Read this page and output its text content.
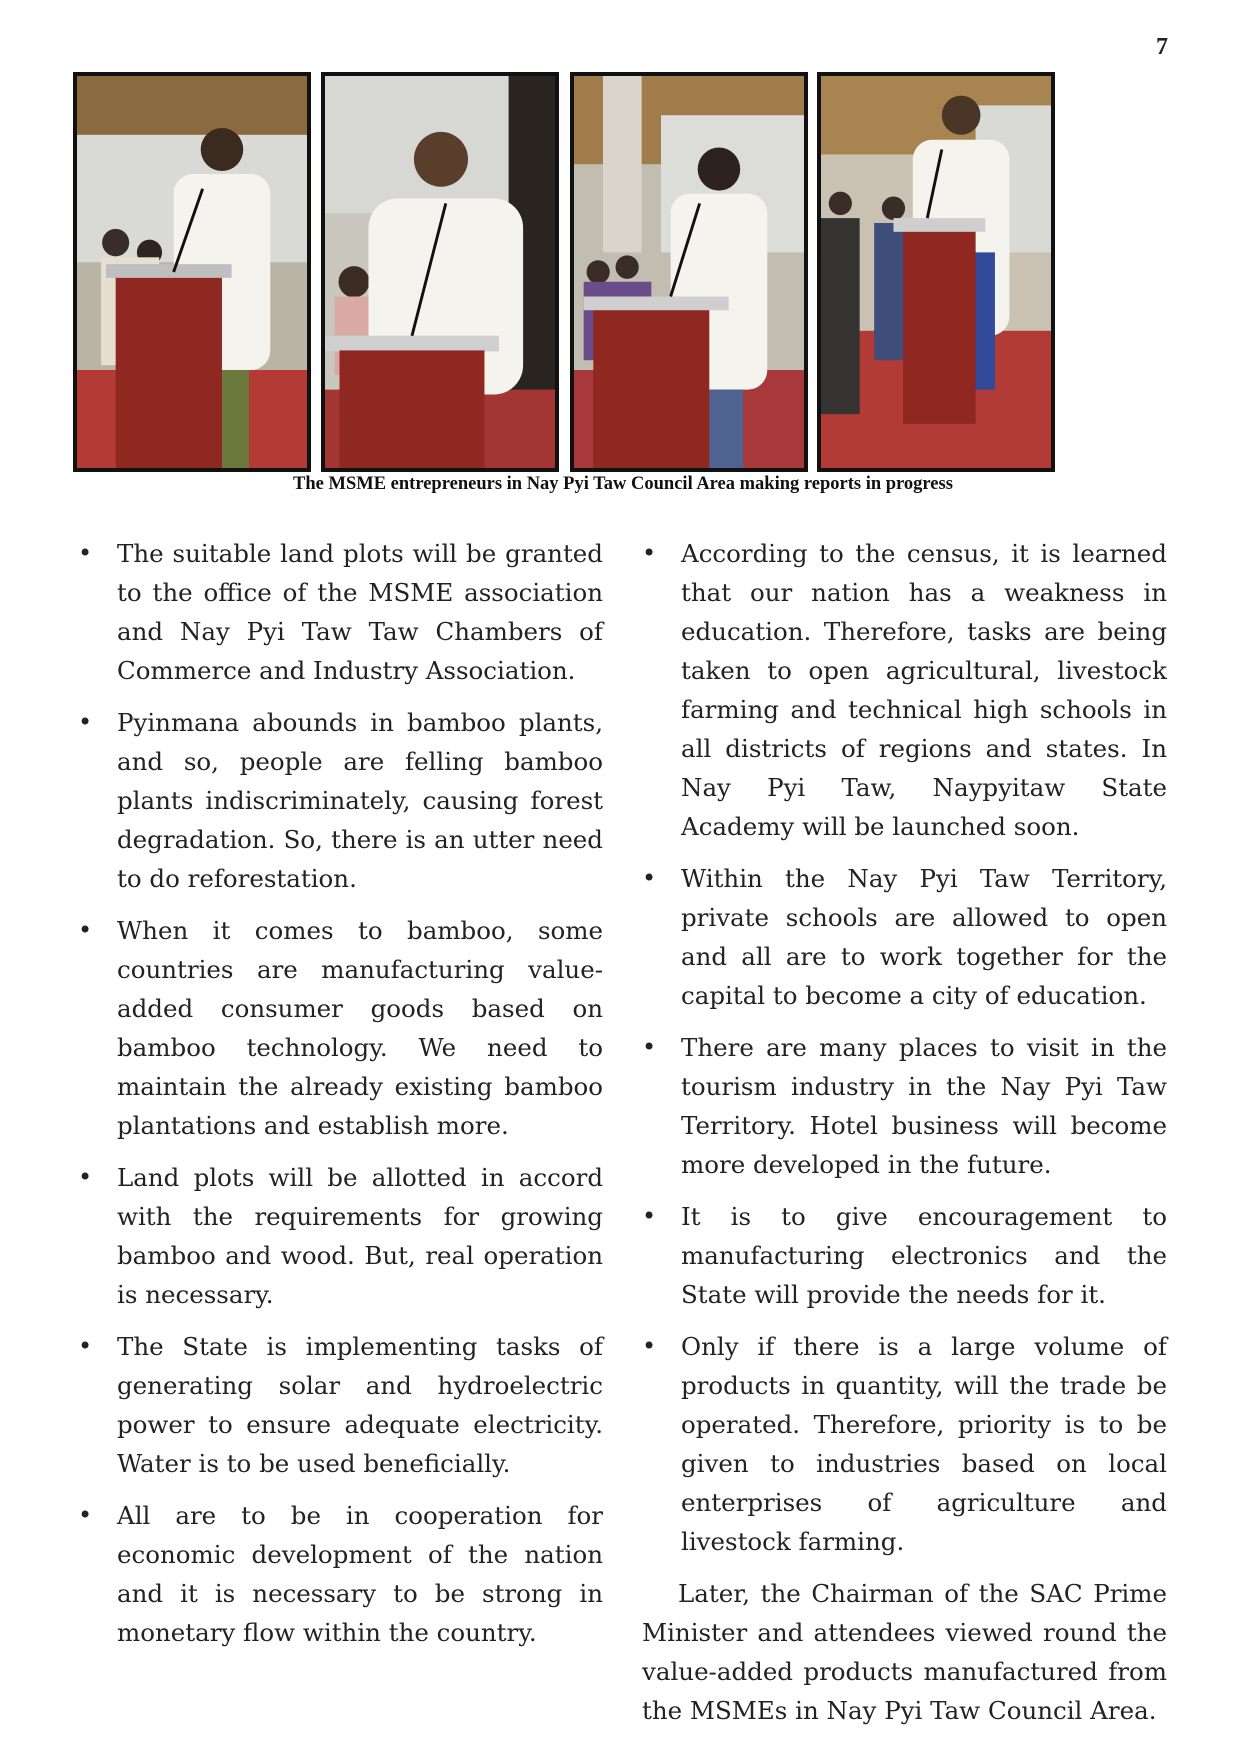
7
The MSME entrepreneurs in Nay Pyi Taw Council Area making reports in progress
• The suitable land plots will be granted to the office of the MSME association and Nay Pyi Taw Taw Chambers of Commerce and Industry Association.
• Pyinmana abounds in bamboo plants, and so, people are felling bamboo plants indiscriminately, causing forest degradation. So, there is an utter need to do reforestation.
• When it comes to bamboo, some countries are manufacturing value-added consumer goods based on bamboo technology. We need to maintain the already existing bamboo plantations and establish more.
• Land plots will be allotted in accord with the requirements for growing bamboo and wood. But, real operation is necessary.
• The State is implementing tasks of generating solar and hydroelectric power to ensure adequate electricity. Water is to be used beneficially.
• All are to be in cooperation for economic development of the nation and it is necessary to be strong in monetary flow within the country.
• According to the census, it is learned that our nation has a weakness in education. Therefore, tasks are being taken to open agricultural, livestock farming and technical high schools in all districts of regions and states. In Nay Pyi Taw, Naypyitaw State Academy will be launched soon.
• Within the Nay Pyi Taw Territory, private schools are allowed to open and all are to work together for the capital to become a city of education.
• There are many places to visit in the tourism industry in the Nay Pyi Taw Territory. Hotel business will become more developed in the future.
• It is to give encouragement to manufacturing electronics and the State will provide the needs for it.
• Only if there is a large volume of products in quantity, will the trade be operated. Therefore, priority is to be given to industries based on local enterprises of agriculture and livestock farming.

Later, the Chairman of the SAC Prime Minister and attendees viewed round the value-added products manufactured from the MSMEs in Nay Pyi Taw Council Area.
